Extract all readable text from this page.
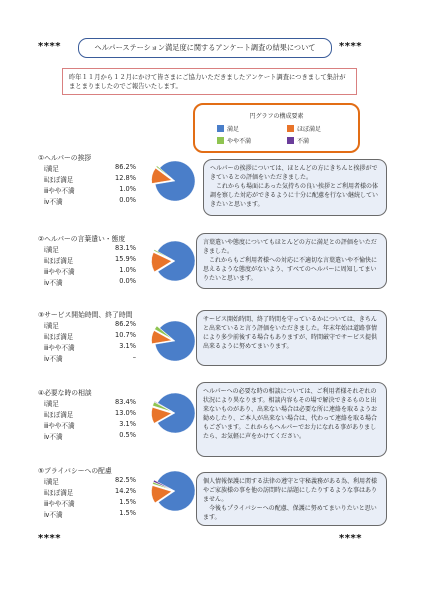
****	ヘルパーステーション満足度に関するアンケート調査の結果について	****
昨年１１月から１２月にかけて皆さまにご協力いただきましたアンケート調査につきまして集計がまとまりましたのでご報告いたします。
円グラフの構成要素
満足	ほぼ満足
やや不満	不満
①ヘルパーの挨拶
ⅰ満足	86.2%
ⅱほぼ満足	12.8%
ⅲやや不満	1.0%
ⅳ不満	0.0%
ヘルパーの挨拶については、ほとんどの方にきちんと挨拶ができているとの評価をいただきました。
　これからも場面にあった気持ちの良い挨拶とご利用者様の体調を察した対応ができるように十分に配慮を行ない継続していきたいと思います。
②ヘルパーの言葉遣い・態度
ⅰ満足	83.1%
ⅱほぼ満足	15.9%
ⅲやや不満	1.0%
ⅳ不満	0.0%
言葉遣いや態度についてもほとんどの方に満足との評価をいただきました。
　これからもご利用者様への対応に不適切な言葉遣いや不愉快に思えるような態度がないよう、すべてのヘルパーに周知してまいりたいと思います。
③サービス開始時間、終了時間
ⅰ満足	86.2%
ⅱほぼ満足	10.7%
ⅲやや不満	3.1%
ⅳ不満	–
サービス開始時間、終了時間を守っているかについては、きちんと出来ていると言う評価をいただきました。年末年始は道路事情により多少前後する場合もありますが、時間厳守でサービス提供出来るように努めてまいります。
④必要な時の相談
ⅰ満足	83.4%
ⅱほぼ満足	13.0%
ⅲやや不満	3.1%
ⅳ不満	0.5%
ヘルパーへの必要な時の相談については、ご利用者様それぞれの状況により異なります。相談内容もその場で解決できるものと出来ないものがあり、出来ない場合は必要な所に連絡を取るようお勧めしたり、ご本人が出来ない場合は、代わって連絡を取る場合もございます。これからもヘルパーでお力になれる事がありましたら、お気軽に声をかけてください。
⑤プライバシーへの配慮
ⅰ満足	82.5%
ⅱほぼ満足	14.2%
ⅲやや不満	1.5%
ⅳ不満	1.5%
個人情報保護に関する法律の遵守と守秘義務がある為、利用者様やご家族様の事を他の訪問時に話題にしたりするような事はありません。
　今後もプライバシーへの配慮、保護に努めてまいりたいと思います。
****	****
